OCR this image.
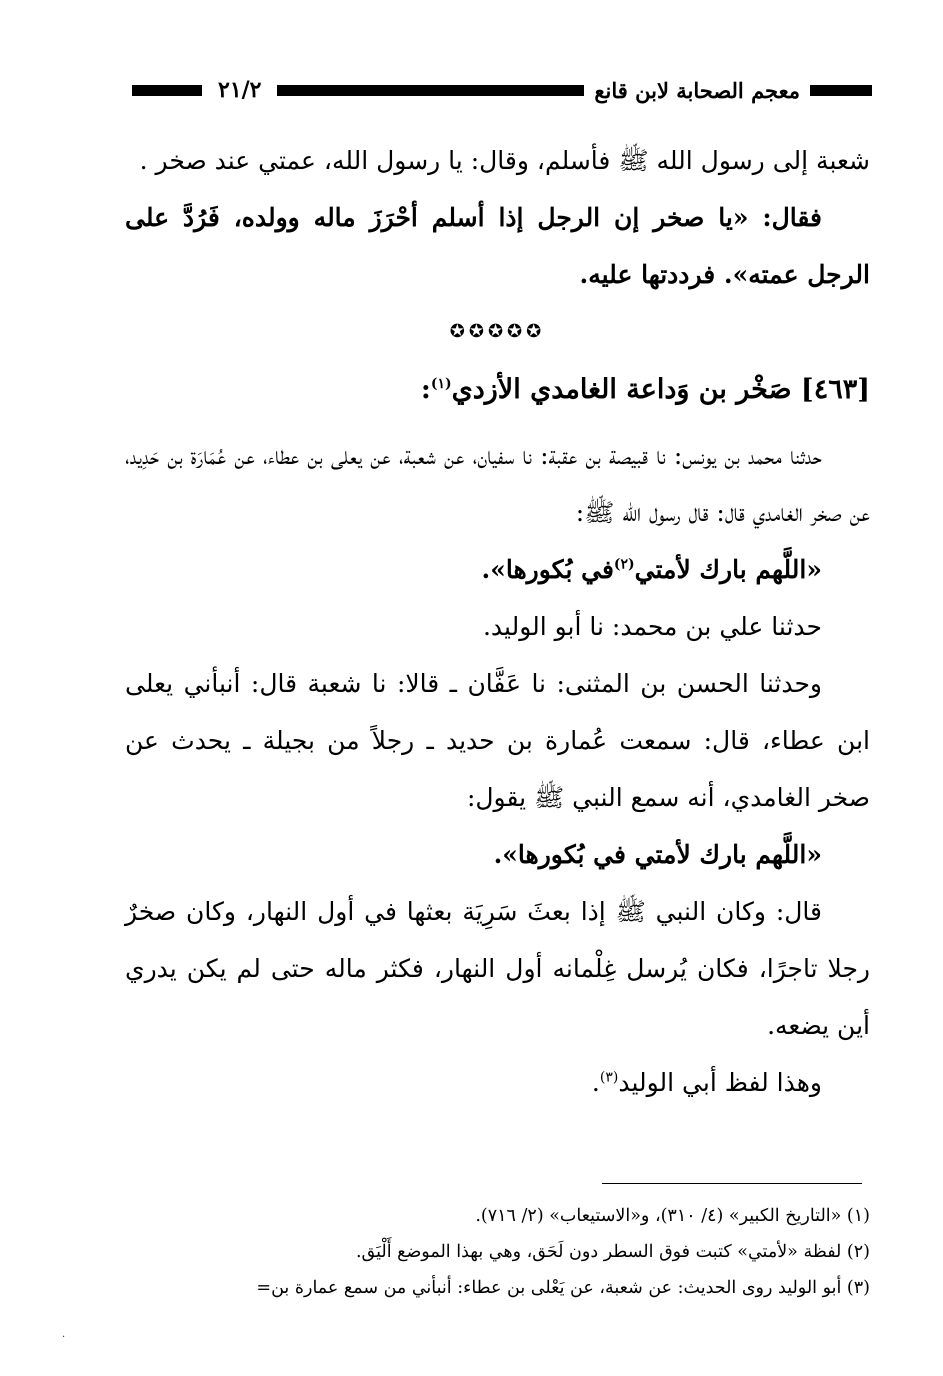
معجم الصحابة لابن قانع
٢١/٢

شعبة إلى رسول الله ﷺ فأسلم، وقال: يا رسول الله، عمتي عند صخر .

فقال: «يا صخر إن الرجل إذا أسلم أحْرَزَ ماله وولده، فَرُدَّ على الرجل عمته». فرددتها عليه.

✪✪✪✪✪
[٤٦٣] صَخْر بن وَداعة الغامدي الأزدي$^{(١)}$:

حدثنا محمد بن يونس: نا قبيصة بن عقبة: نا سفيان، عن شعبة، عن يعلى بن عطاء، عن عُمَارَة بن حَدِيد، عن صخر الغامدي قال: قال رسول الله ﷺ:

«اللَّهم بارك لأمتي$^{(٢)}$في بُكورها».

حدثنا علي بن محمد: نا أبو الوليد.

وحدثنا الحسن بن المثنى: نا عَفَّان ـ قالا: نا شعبة قال: أنبأني يعلى ابن عطاء، قال: سمعت عُمارة بن حديد ـ رجلاً من بجيلة ـ يحدث عن صخر الغامدي، أنه سمع النبي ﷺ يقول:

«اللَّهم بارك لأمتي في بُكورها».

قال: وكان النبي ﷺ إذا بعثَ سَرِيَة بعثها في أول النهار، وكان صخرٌ رجلا تاجرًا، فكان يُرسل غِلْمانه أول النهار، فكثر ماله حتى لم يكن يدري أين يضعه.

وهذا لفظ أبي الوليد$^{(٣)}$.

(١) «التاريخ الكبير» (٤/ ٣١٠)، و«الاستيعاب» (٢/ ٧١٦).

(٢) لفظة «لأمتي» كتبت فوق السطر دون لَحَق، وهي بهذا الموضع أَلْيَق.

(٣) أبو الوليد روى الحديث: عن شعبة، عن يَعْلى بن عطاء: أنبأني من سمع عمارة بن=

·
